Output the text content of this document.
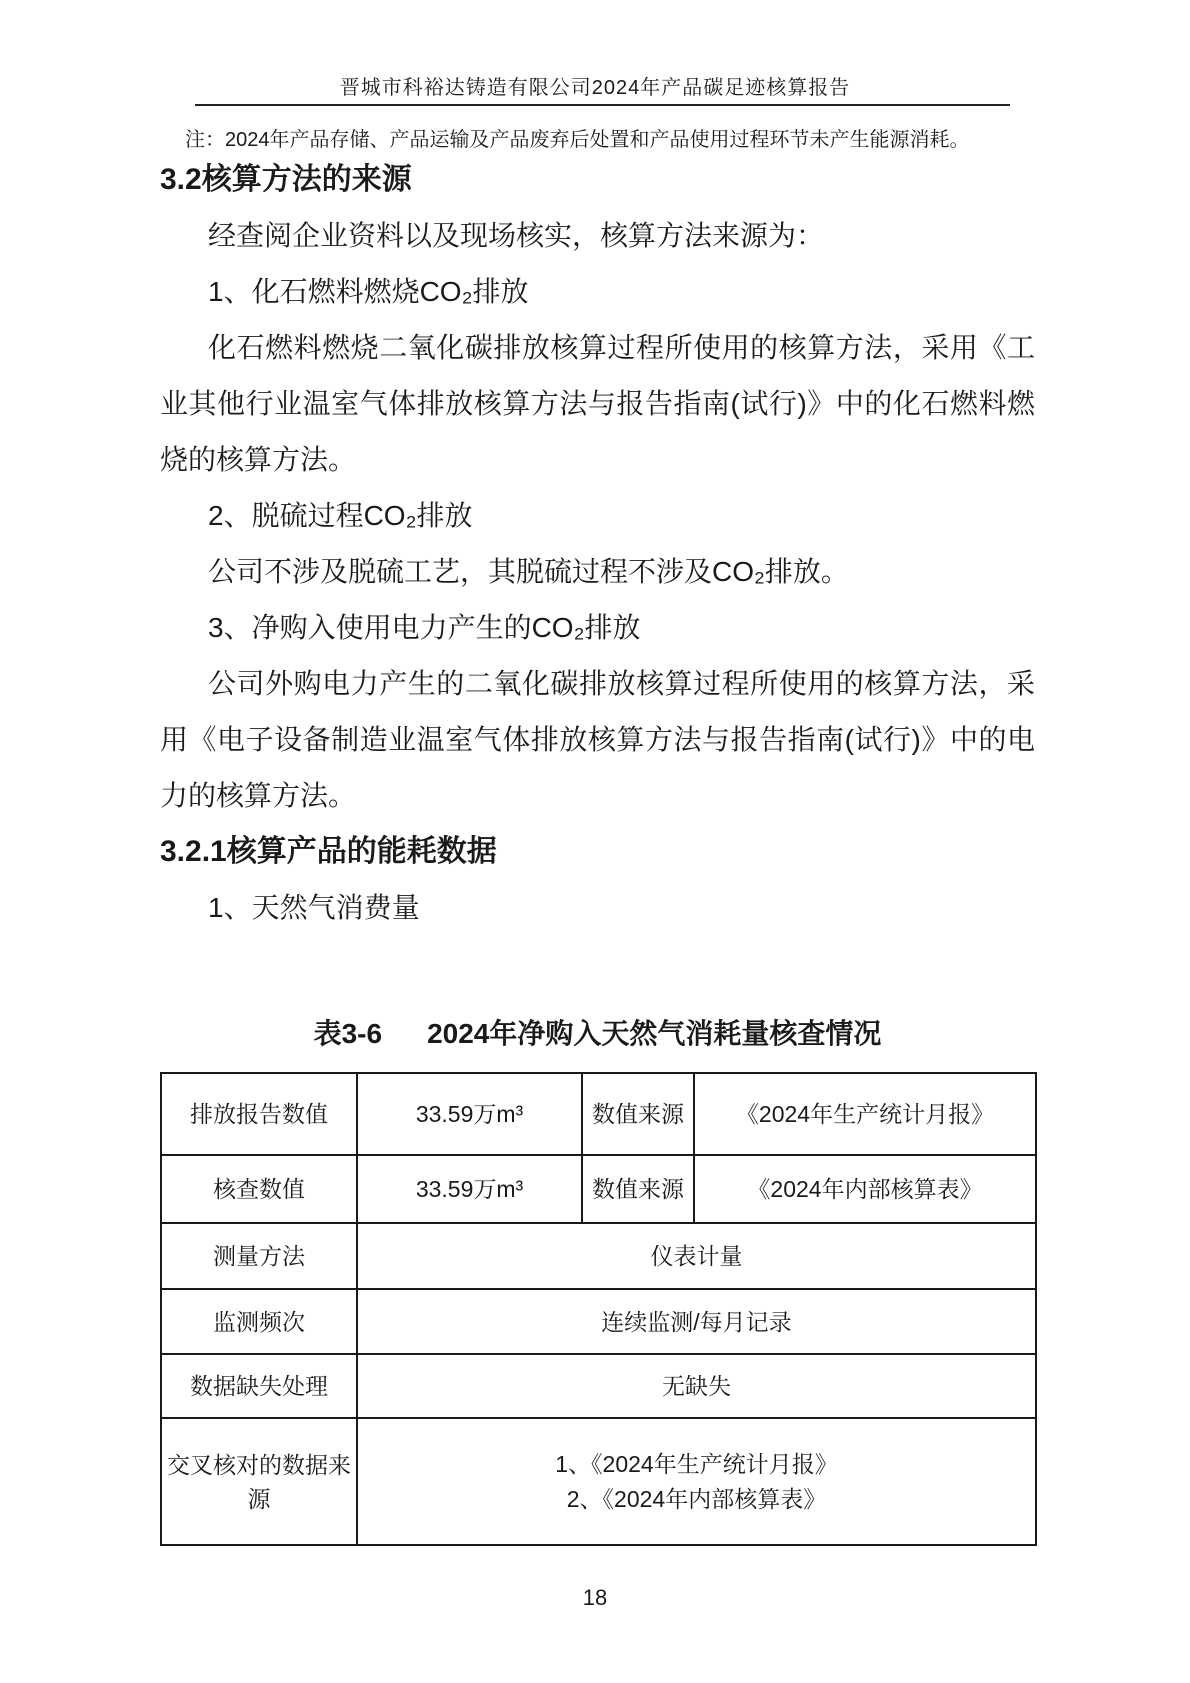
晋城市科裕达铸造有限公司2024年产品碳足迹核算报告
注：2024年产品存储、产品运输及产品废弃后处置和产品使用过程环节未产生能源消耗。
3.2核算方法的来源

经查阅企业资料以及现场核实，核算方法来源为：

1、化石燃料燃烧CO₂排放

化石燃料燃烧二氧化碳排放核算过程所使用的核算方法，采用《工业其他行业温室气体排放核算方法与报告指南(试行)》中的化石燃料燃烧的核算方法。

2、脱硫过程CO₂排放

公司不涉及脱硫工艺，其脱硫过程不涉及CO₂排放。

3、净购入使用电力产生的CO₂排放

公司外购电力产生的二氧化碳排放核算过程所使用的核算方法，采用《电子设备制造业温室气体排放核算方法与报告指南(试行)》中的电力的核算方法。

3.2.1核算产品的能耗数据

1、天然气消费量

表3-6 2024年净购入天然气消耗量核查情况
排放报告数值	33.59万m³	数值来源	《2024年生产统计月报》
核查数值	33.59万m³	数值来源	《2024年内部核算表》
测量方法	仪表计量		
监测频次	连续监测/每月记录		
数据缺失处理	无缺失		
交叉核对的数据来源	1、《2024年生产统计月报》
2、《2024年内部核算表》		
18
